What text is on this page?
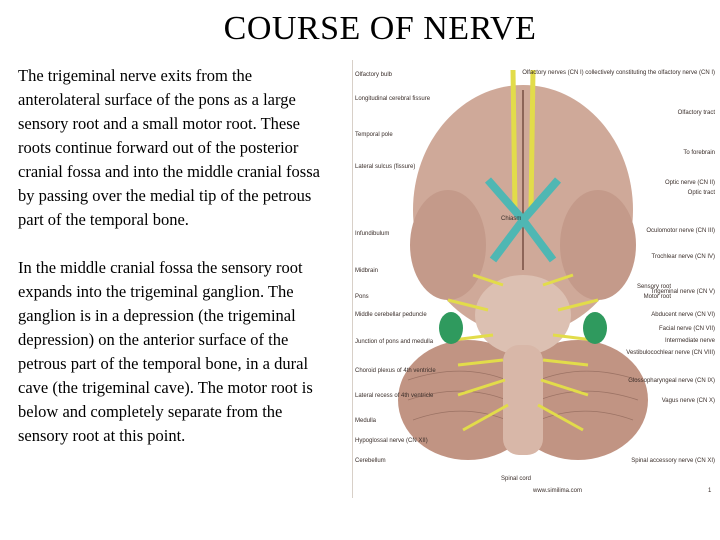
COURSE OF NERVE

The trigeminal nerve exits from the anterolateral surface of the pons as a large sensory root and a small motor root. These roots continue forward out of the posterior cranial fossa and into the middle cranial fossa by passing over the medial tip of the petrous part of the temporal bone.

In the middle cranial fossa the sensory root expands into the trigeminal ganglion. The ganglion is in a depression (the trigeminal depression) on the anterior surface of the petrous part of the temporal bone, in a dural cave (the trigeminal cave). The motor root is below and completely separate from the sensory root at this point.

Chiasm
Olfactory bulb
Longitudinal cerebral fissure
Temporal pole
Lateral sulcus (fissure)
Infundibulum
Midbrain
Pons
Middle cerebellar peduncle
Junction of pons and medulla
Choroid plexus of 4th ventricle
Lateral recess of 4th ventricle
Medulla
Hypoglossal nerve (CN XII)
Cerebellum
Olfactory nerves (CN I) collectively constituting the olfactory nerve (CN I)
Olfactory tract
To forebrain
Optic nerve (CN II)
Optic tract
Oculomotor nerve (CN III)
Trochlear nerve (CN IV)
Sensory root
Motor root
Trigeminal nerve (CN V)
Abducent nerve (CN VI)
Facial nerve (CN VII)
Intermediate nerve
Vestibulocochlear nerve (CN VIII)
Glossopharyngeal nerve (CN IX)
Vagus nerve (CN X)
Spinal accessory nerve (CN XI)
Spinal cord
www.similima.com	1
